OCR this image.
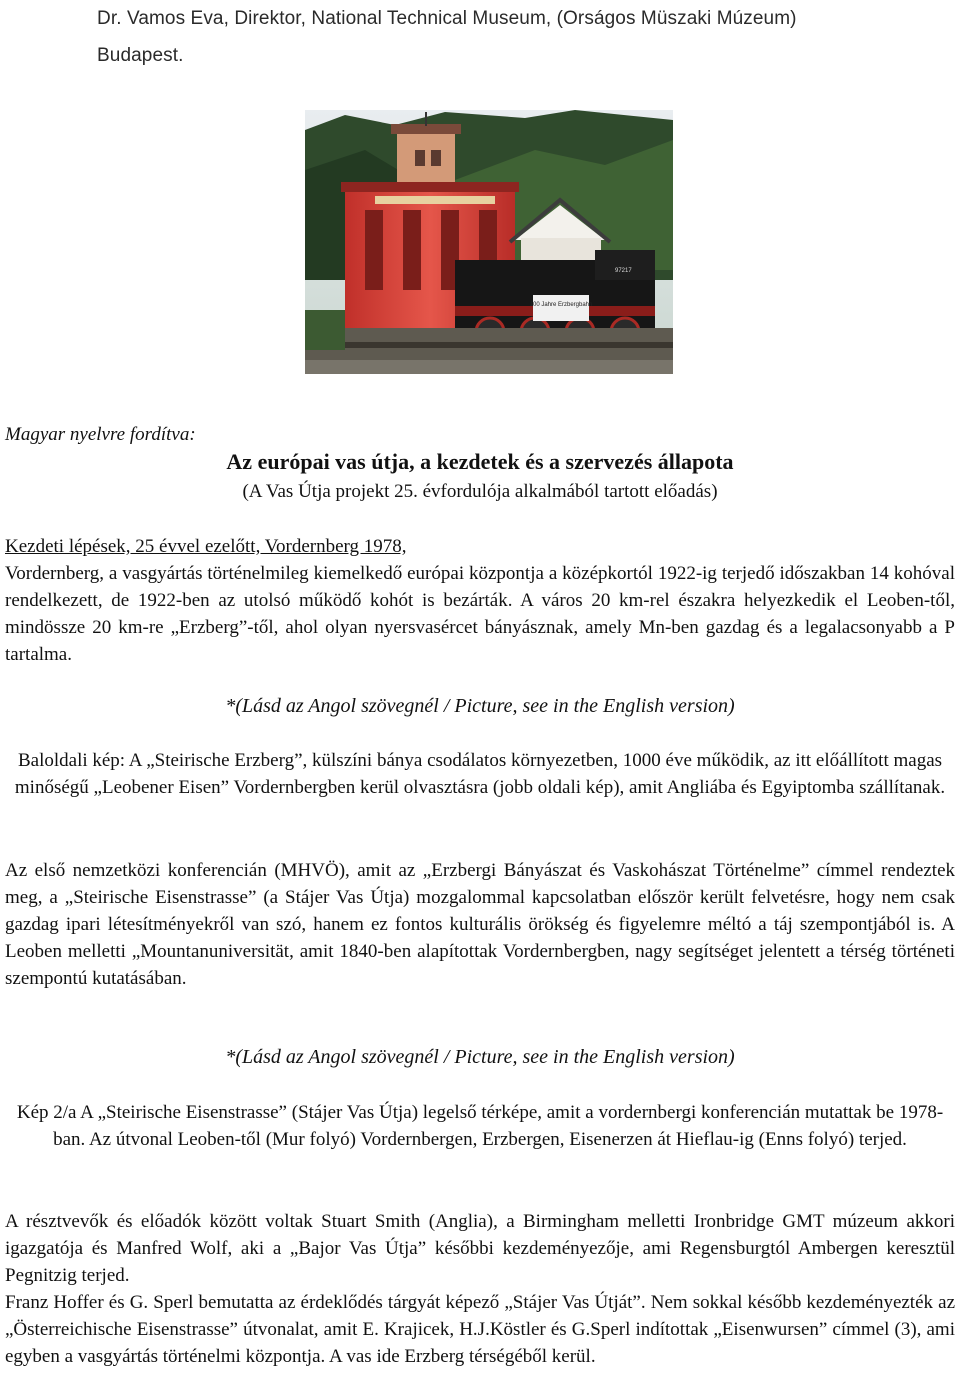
Dr. Vamos Eva, Direktor, National Technical Museum, (Orságos Müszaki Múzeum)
Budapest.
100 Jahre Erzbergbahn
97217
Magyar nyelvre fordítva:
Az európai vas útja, a kezdetek és a szervezés állapota
(A Vas Útja projekt 25. évfordulója alkalmából tartott előadás)
Kezdeti lépések, 25 évvel ezelőtt, Vordernberg 1978,
Vordernberg, a vasgyártás történelmileg kiemelkedő európai központja a középkortól 1922-ig terjedő időszakban 14 kohóval rendelkezett, de 1922-ben az utolsó működő kohót is bezárták. A város 20 km-rel északra helyezkedik el Leoben-től, mindössze 20 km-re „Erzberg”-től, ahol olyan nyersvasércet bányásznak, amely Mn-ben gazdag és a legalacsonyabb a P tartalma.
*(Lásd az Angol szövegnél / Picture, see in the English version)
Baloldali kép: A „Steirische Erzberg”, külszíni bánya csodálatos környezetben, 1000 éve működik, az itt előállított magas minőségű „Leobener Eisen” Vordernbergben kerül olvasztásra (jobb oldali kép), amit Angliába és Egyiptomba szállítanak.
Az első nemzetközi konferencián (MHVÖ), amit az „Erzbergi Bányászat és Vaskohászat Történelme” címmel rendeztek meg, a „Steirische Eisenstrasse” (a Stájer Vas Útja) mozgalommal kapcsolatban először került felvetésre, hogy nem csak gazdag ipari létesítményekről van szó, hanem ez fontos kulturális örökség és figyelemre méltó a táj szempontjából is. A Leoben melletti „Mountanuniversität, amit 1840-ben alapítottak Vordernbergben, nagy segítséget jelentett a térség történeti szempontú kutatásában.
*(Lásd az Angol szövegnél / Picture, see in the English version)
Kép 2/a A „Steirische Eisenstrasse” (Stájer Vas Útja) legelső térképe, amit a vordernbergi konferencián mutattak be 1978-ban. Az útvonal Leoben-től (Mur folyó) Vordernbergen, Erzbergen, Eisenerzen át Hieflau-ig (Enns folyó) terjed.
A résztvevők és előadók között voltak Stuart Smith (Anglia), a Birmingham melletti Ironbridge GMT múzeum akkori igazgatója és Manfred Wolf, aki a „Bajor Vas Útja” későbbi kezdeményezője, ami Regensburgtól Ambergen keresztül Pegnitzig terjed.
Franz Hoffer és G. Sperl bemutatta az érdeklődés tárgyát képező „Stájer Vas Útját”. Nem sokkal később kezdeményezték az „Österreichische Eisenstrasse” útvonalat, amit E. Krajicek, H.J.Köstler és G.Sperl indítottak „Eisenwursen” címmel (3), ami egyben a vasgyártás történelmi központja. A vas ide Erzberg térségéből kerül.
